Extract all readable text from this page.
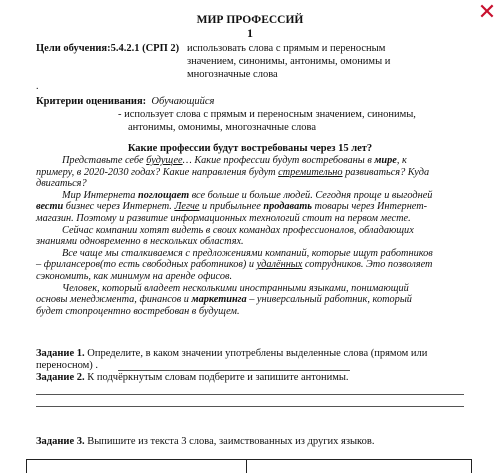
✕
МИР ПРОФЕССИЙ
1
Цели обучения:5.4.2.1 (СРП 2) использовать слова с прямым и переносным
значением, синонимы, антонимы, омонимы и
многозначные слова
.
Критерии оценивания: Обучающийся
- использует слова с прямым и переносным значением, синонимы,
антонимы, омонимы, многозначные слова
Какие профессии будут востребованы через 15 лет?
Представьте себе будущее… Какие профессии будут востребованы в мире, к
примеру, в 2020-2030 годах? Какие направления будут стремительно развиваться? Куда
двигаться?
Мир Интернета поглощает все больше и больше людей. Сегодня проще и выгодней
вести бизнес через Интернет. Легче и прибыльнее продавать товары через Интернет-
магазин. Поэтому и развитие информационных технологий стоит на первом месте.
Сейчас компании хотят видеть в своих командах профессионалов, обладающих
знаниями одновременно в нескольких областях.
Все чаще мы сталкиваемся с предложениями компаний, которые ищут работников
– фрилансеров(то есть свободных работников) и удалённых сотрудников. Это позволяет
сэкономить, как минимум на аренде офисов.
Человек, который владеет несколькими иностранными языками, понимающий
основы менеджмента, финансов и маркетинга – универсальный работник, который
будет стопроцентно востребован в будущем.
Задание 1. Определите, в каком значении употреблены выделенные слова (прямом или
переносном) .
Задание 2. К подчёркнутым словам подберите и запишите антонимы.
Задание 3. Выпишите из текста 3 слова, заимствованных из других языков.
